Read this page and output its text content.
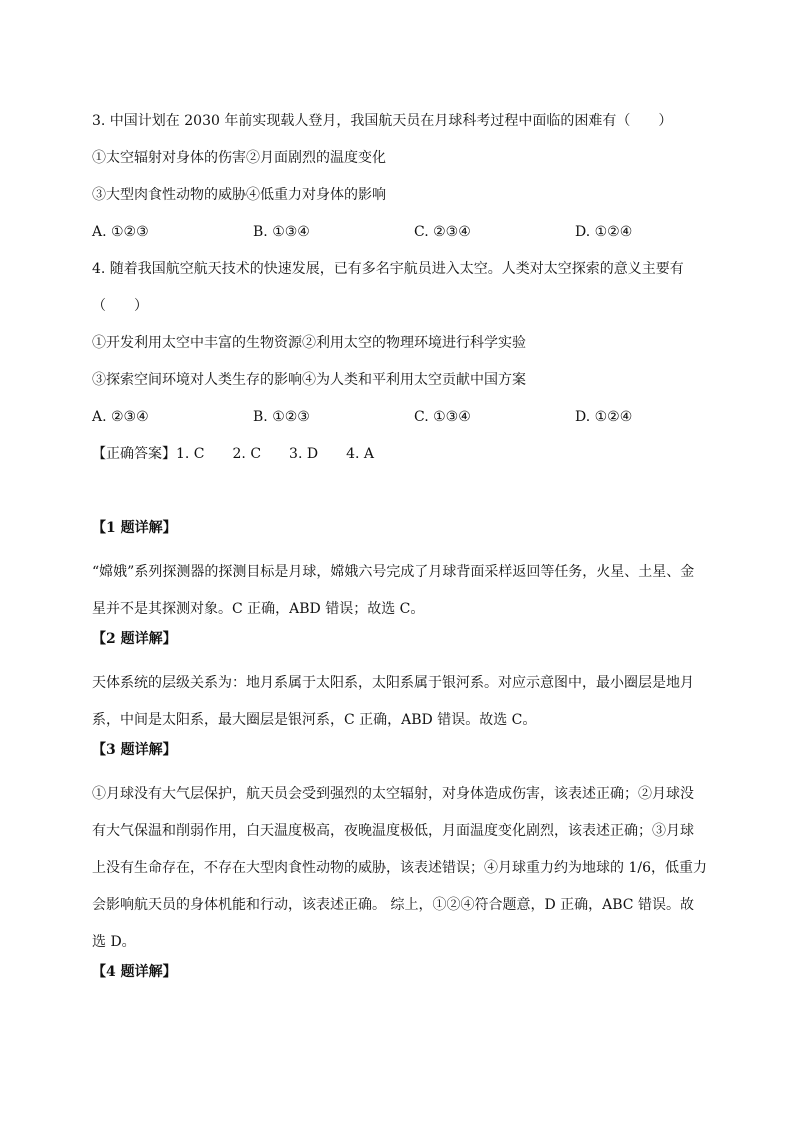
3. 中国计划在 2030 年前实现载人登月，我国航天员在月球科考过程中面临的困难有（　　）
①太空辐射对身体的伤害②月面剧烈的温度变化
③大型肉食性动物的威胁④低重力对身体的影响
A. ①②③	B. ①③④	C. ②③④	D. ①②④
4. 随着我国航空航天技术的快速发展，已有多名宇航员进入太空。人类对太空探索的意义主要有
（　　）
①开发利用太空中丰富的生物资源②利用太空的物理环境进行科学实验
③探索空间环境对人类生存的影响④为人类和平利用太空贡献中国方案
A. ②③④	B. ①②③	C. ①③④	D. ①②④
【正确答案】1. C　　2. C　　3. D　　4. A
【1 题详解】
“嫦娥”系列探测器的探测目标是月球，嫦娥六号完成了月球背面采样返回等任务，火星、土星、金星并不是其探测对象。C 正确，ABD 错误；故选 C。
【2 题详解】
天体系统的层级关系为：地月系属于太阳系，太阳系属于银河系。对应示意图中，最小圈层是地月系，中间是太阳系，最大圈层是银河系，C 正确，ABD 错误。故选 C。
【3 题详解】
①月球没有大气层保护，航天员会受到强烈的太空辐射，对身体造成伤害，该表述正确；②月球没有大气保温和削弱作用，白天温度极高，夜晚温度极低，月面温度变化剧烈，该表述正确；③月球上没有生命存在，不存在大型肉食性动物的威胁，该表述错误；④月球重力约为地球的 1/6，低重力会影响航天员的身体机能和行动，该表述正确。 综上，①②④符合题意，D 正确，ABC 错误。故选 D。
【4 题详解】
